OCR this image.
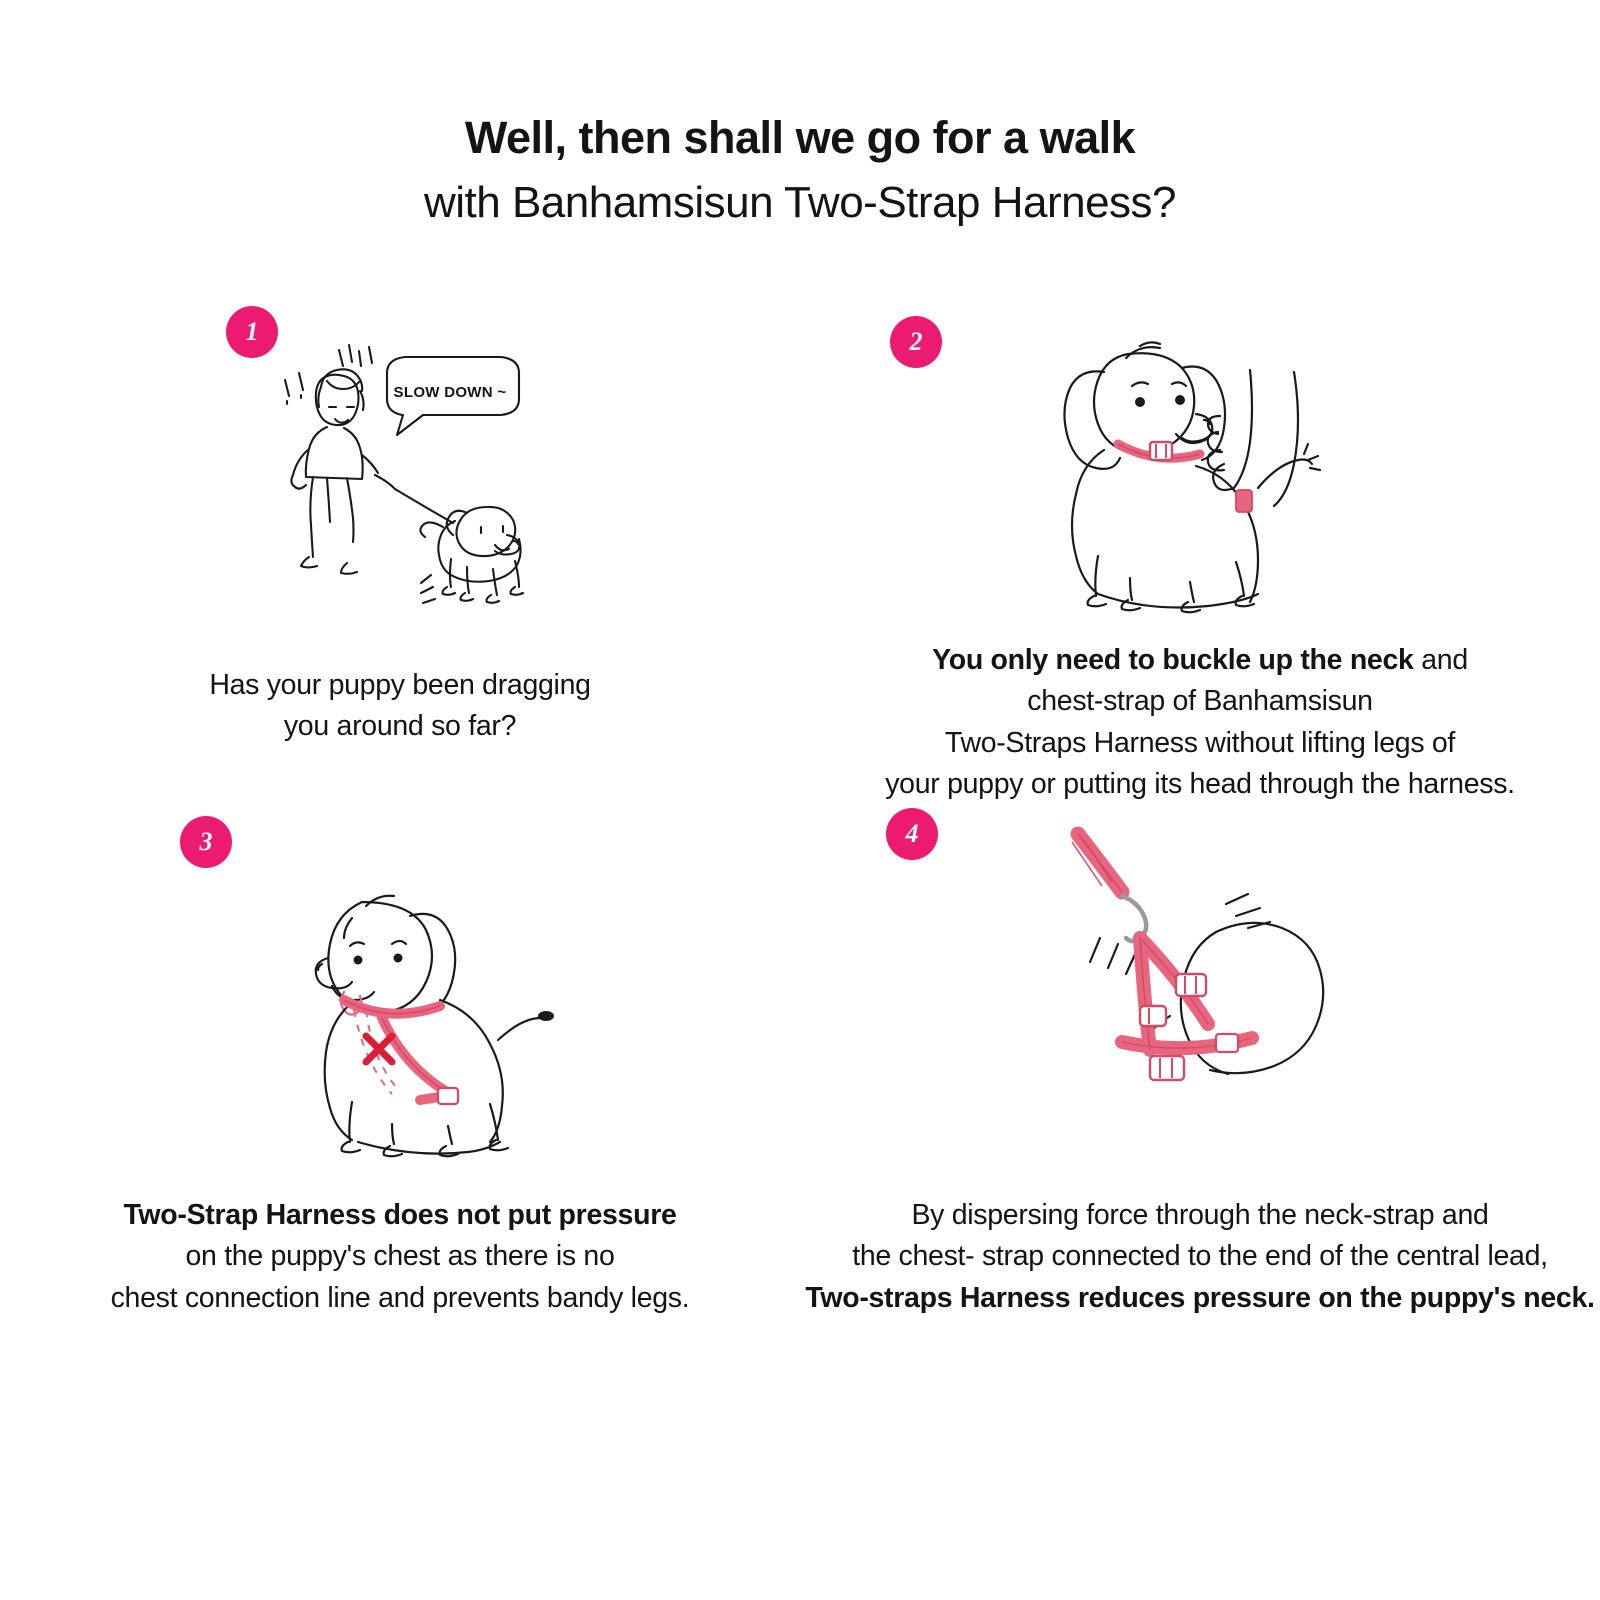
Well, then shall we go for a walk
with Banhamsisun Two-Strap Harness?
1
SLOW DOWN ~
Has your puppy been dragging
you around so far?
2
You only need to buckle up the neck and
chest-strap of Banhamsisun
Two-Straps Harness without lifting legs of
your puppy or putting its head through the harness.
3
Two-Strap Harness does not put pressure
on the puppy's chest as there is no
chest connection line and prevents bandy legs.
4
By dispersing force through the neck-strap and
the chest- strap connected to the end of the central lead,
Two-straps Harness reduces pressure on the puppy's neck.
